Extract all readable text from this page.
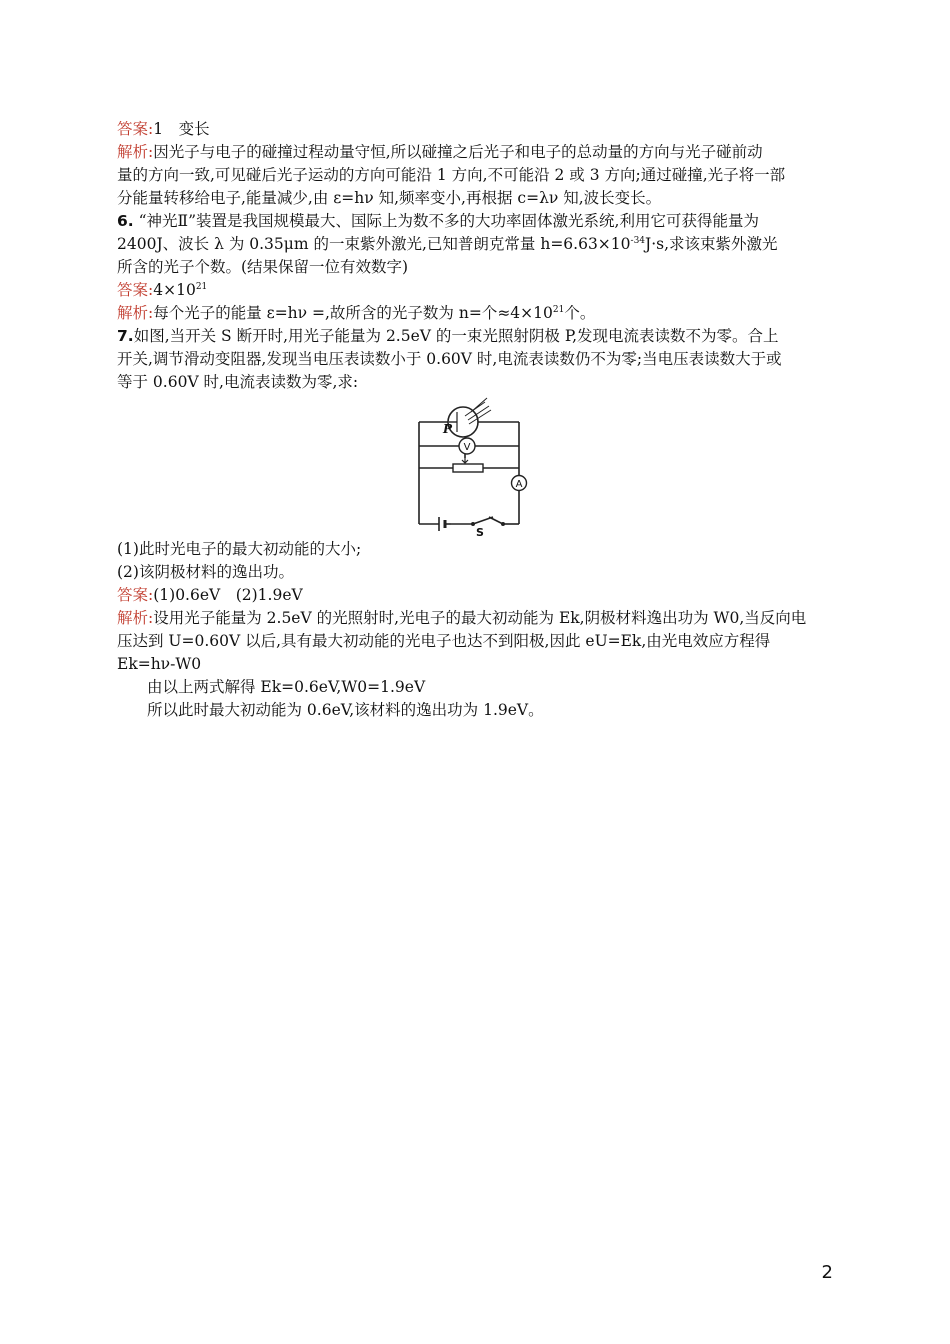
答案:1　变长
解析:因光子与电子的碰撞过程动量守恒,所以碰撞之后光子和电子的总动量的方向与光子碰前动
量的方向一致,可见碰后光子运动的方向可能沿 1 方向,不可能沿 2 或 3 方向;通过碰撞,光子将一部
分能量转移给电子,能量减少,由 ε=hν 知,频率变小,再根据 c=λν 知,波长变长。
6. “神光Ⅱ”装置是我国规模最大、国际上为数不多的大功率固体激光系统,利用它可获得能量为
2400J、波长 λ 为 0.35μm 的一束紫外激光,已知普朗克常量 $h=6.63\times 10^{-34}J\cdot s$,求该束紫外激光
所含的光子个数。(结果保留一位有效数字)
答案$:4\times 10^{21}$
解析:每个光子的能量 ε=hν =,故所含的光子数为 n=个$\approx 4\times 10^{21}$个。
7.如图,当开关 S 断开时,用光子能量为 2.5eV 的一束光照射阴极 P,发现电流表读数不为零。合上
开关,调节滑动变阻器,发现当电压表读数小于 0.60V 时,电流表读数仍不为零;当电压表读数大于或
等于 0.60V 时,电流表读数为零,求:
P
V
A
S
(1)此时光电子的最大初动能的大小;
(2)该阴极材料的逸出功。
答案:(1)0.6eV　(2)1.9eV
解析:设用光子能量为 2.5eV 的光照射时,光电子的最大初动能为 Ek,阴极材料逸出功为 W0,当反向电
压达到 U=0.60V 以后,具有最大初动能的光电子也达不到阳极,因此 eU=Ek,由光电效应方程得
Ek=hν-W0
由以上两式解得 Ek=0.6eV,W0=1.9eV
所以此时最大初动能为 0.6eV,该材料的逸出功为 1.9eV。
2
